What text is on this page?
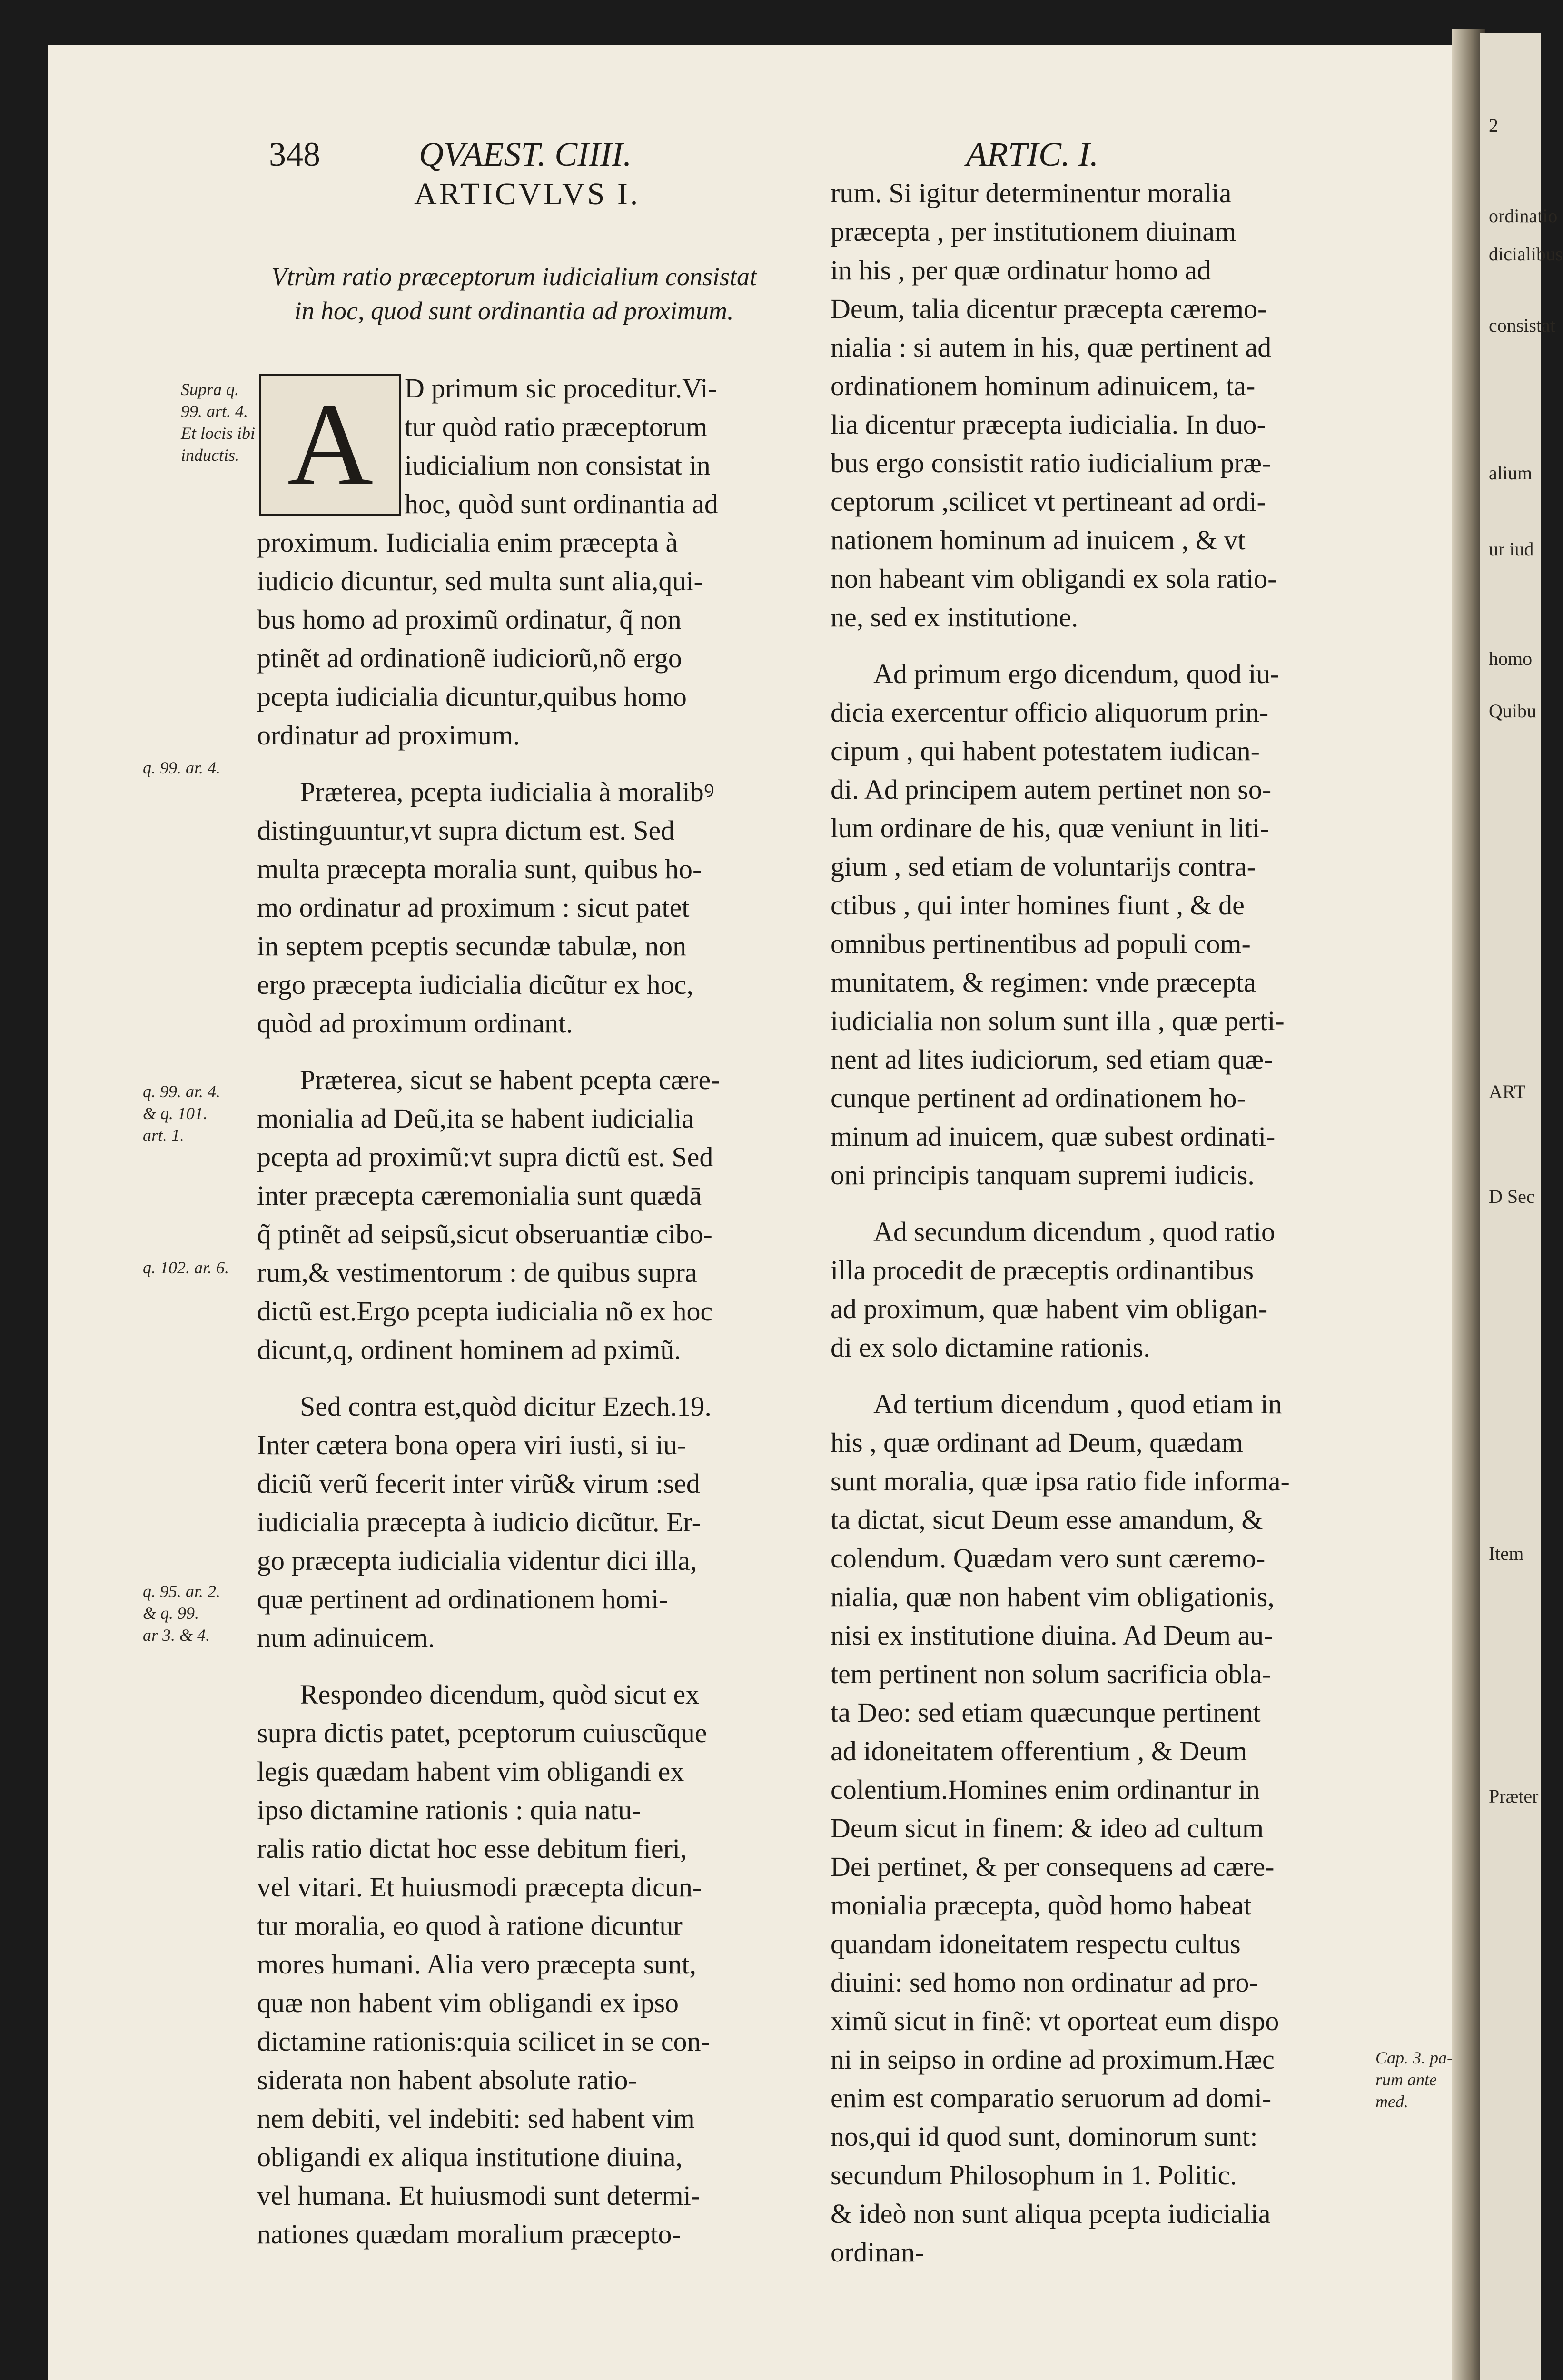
2
ordinatio
dicialibus
consistat
alium
ur iud
homo
Quibu
ART
D Sec
Item
Præter
348	QVAEST. CIIII.	ARTIC. I.
ARTICVLVS I.
Vtrùm ratio præceptorum iudicialium consistat in hoc, quod sunt ordinantia ad proximum.
A
Supra q.
99. art. 4.
Et locis ibi
inductis.
q. 99. ar. 4.
q. 99. ar. 4.
& q. 101.
art. 1.
q. 102. ar. 6.
q. 95. ar. 2.
& q. 99.
ar 3. & 4.
Cap. 3. pa-
rum ante
med.
D primum sic proceditur.Vi-
tur quòd ratio præceptorum
iudicialium non consistat in
hoc, quòd sunt ordinantia ad
proximum. Iudicialia enim præcepta à
iudicio dicuntur, sed multa sunt alia,qui-
bus homo ad proximũ ordinatur, q̃ non
ptinẽt ad ordinationẽ iudiciorũ,nõ ergo
pcepta iudicialia dicuntur,quibus homo
ordinatur ad proximum.
Præterea, pcepta iudicialia à moralibꝰ
distinguuntur,vt supra dictum est. Sed
multa præcepta moralia sunt, quibus ho-
mo ordinatur ad proximum : sicut patet
in septem pceptis secundæ tabulæ, non
ergo præcepta iudicialia dicũtur ex hoc,
quòd ad proximum ordinant.
Præterea, sicut se habent pcepta cære-
monialia ad Deũ,ita se habent iudicialia
pcepta ad proximũ:vt supra dictũ est. Sed
inter præcepta cæremonialia sunt quædā
q̃ ptinẽt ad seipsũ,sicut obseruantiæ cibo-
rum,& vestimentorum : de quibus supra
dictũ est.Ergo pcepta iudicialia nõ ex hoc
dicunt,q, ordinent hominem ad pximũ.
Sed contra est,quòd dicitur Ezech.19.
Inter cætera bona opera viri iusti, si iu-
diciũ verũ fecerit inter virũ& virum :sed
iudicialia præcepta à iudicio dicũtur. Er-
go præcepta iudicialia videntur dici illa,
quæ pertinent ad ordinationem homi-
num adinuicem.
Respondeo dicendum, quòd sicut ex
supra dictis patet, pceptorum cuiuscũque
legis quædam habent vim obligandi ex
ipso dictamine rationis : quia natu-
ralis ratio dictat hoc esse debitum fieri,
vel vitari. Et huiusmodi præcepta dicun-
tur moralia, eo quod à ratione dicuntur
mores humani. Alia vero præcepta sunt,
quæ non habent vim obligandi ex ipso
dictamine rationis:quia scilicet in se con-
siderata non habent absolute ratio-
nem debiti, vel indebiti: sed habent vim
obligandi ex aliqua institutione diuina,
vel humana. Et huiusmodi sunt determi-
nationes quædam moralium præcepto-
rum. Si igitur determinentur moralia
præcepta , per institutionem diuinam
in his , per quæ ordinatur homo ad
Deum, talia dicentur præcepta cæremo-
nialia : si autem in his, quæ pertinent ad
ordinationem hominum adinuicem, ta-
lia dicentur præcepta iudicialia. In duo-
bus ergo consistit ratio iudicialium præ-
ceptorum ,scilicet vt pertineant ad ordi-
nationem hominum ad inuicem , & vt
non habeant vim obligandi ex sola ratio-
ne, sed ex institutione.
Ad primum ergo dicendum, quod iu-
dicia exercentur officio aliquorum prin-
cipum , qui habent potestatem iudican-
di. Ad principem autem pertinet non so-
lum ordinare de his, quæ veniunt in liti-
gium , sed etiam de voluntarijs contra-
ctibus , qui inter homines fiunt , & de
omnibus pertinentibus ad populi com-
munitatem, & regimen: vnde præcepta
iudicialia non solum sunt illa , quæ perti-
nent ad lites iudiciorum, sed etiam quæ-
cunque pertinent ad ordinationem ho-
minum ad inuicem, quæ subest ordinati-
oni principis tanquam supremi iudicis.
Ad secundum dicendum , quod ratio
illa procedit de præceptis ordinantibus
ad proximum, quæ habent vim obligan-
di ex solo dictamine rationis.
Ad tertium dicendum , quod etiam in
his , quæ ordinant ad Deum, quædam
sunt moralia, quæ ipsa ratio fide informa-
ta dictat, sicut Deum esse amandum, &
colendum. Quædam vero sunt cæremo-
nialia, quæ non habent vim obligationis,
nisi ex institutione diuina. Ad Deum au-
tem pertinent non solum sacrificia obla-
ta Deo: sed etiam quæcunque pertinent
ad idoneitatem offerentium , & Deum
colentium.Homines enim ordinantur in
Deum sicut in finem: & ideo ad cultum
Dei pertinet, & per consequens ad cære-
monialia præcepta, quòd homo habeat
quandam idoneitatem respectu cultus
diuini: sed homo non ordinatur ad pro-
ximũ sicut in finẽ: vt oporteat eum dispo
ni in seipso in ordine ad proximum.Hæc
enim est comparatio seruorum ad domi-
nos,qui id quod sunt, dominorum sunt:
secundum Philosophum in 1. Politic.
& ideò non sunt aliqua pcepta iudicialia
ordinan-
